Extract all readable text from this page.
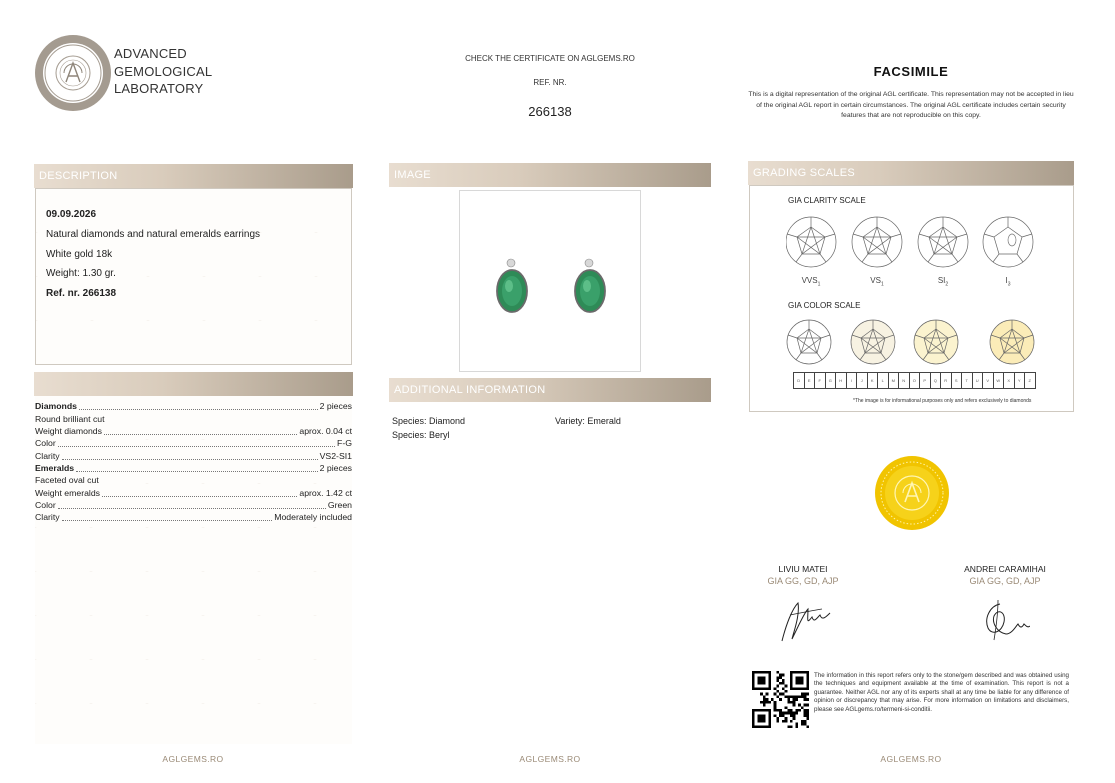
ADVANCED
GEMOLOGICAL
LABORATORY
CHECK THE CERTIFICATE ON AGLGEMS.RO
REF. NR.
266138
FACSIMILE
This is a digital representation of the original AGL certificate. This representation may not be accepted in lieu of the original AGL report in certain circumstances. The original AGL certificate includes certain security features that are not reproducible on this copy.
DESCRIPTION
09.09.2026
Natural diamonds and natural emeralds earrings
White gold 18k
Weight: 1.30 gr.
Ref. nr. 266138
Diamonds	2 pieces
Round brilliant cut
Weight diamonds	aprox. 0.04 ct
Color	F-G
Clarity	VS2-SI1
Emeralds	2 pieces
Faceted oval cut
Weight emeralds	aprox. 1.42 ct
Color	Green
Clarity	Moderately included
IMAGE
ADDITIONAL INFORMATION
Species: Diamond	Variety: Emerald
Species: Beryl
GRADING SCALES
GIA CLARITY SCALE
$VVS_1$	$VS_1$	$SI_2$	$I_3$
GIA COLOR SCALE
D	E	F	G	H	I	J	K	L	M	N	O	P	Q	R	S	T	U	V	W	X	Y	Z
*The image is for informational purposes only and refers exclusively to diamonds
LIVIU MATEI
GIA GG, GD, AJP
ANDREI CARAMIHAI
GIA GG, GD, AJP
The information in this report refers only to the stone/gem described and was obtained using the techniques and equipment available at the time of examination. This report is not a guarantee. Neither AGL nor any of its experts shall at any time be liable for any difference of opinion or discrepancy that may arise. For more information on limitations and disclaimers, please see AGLgems.ro/termeni-si-conditii.
AGLGEMS.RO	AGLGEMS.RO	AGLGEMS.RO
